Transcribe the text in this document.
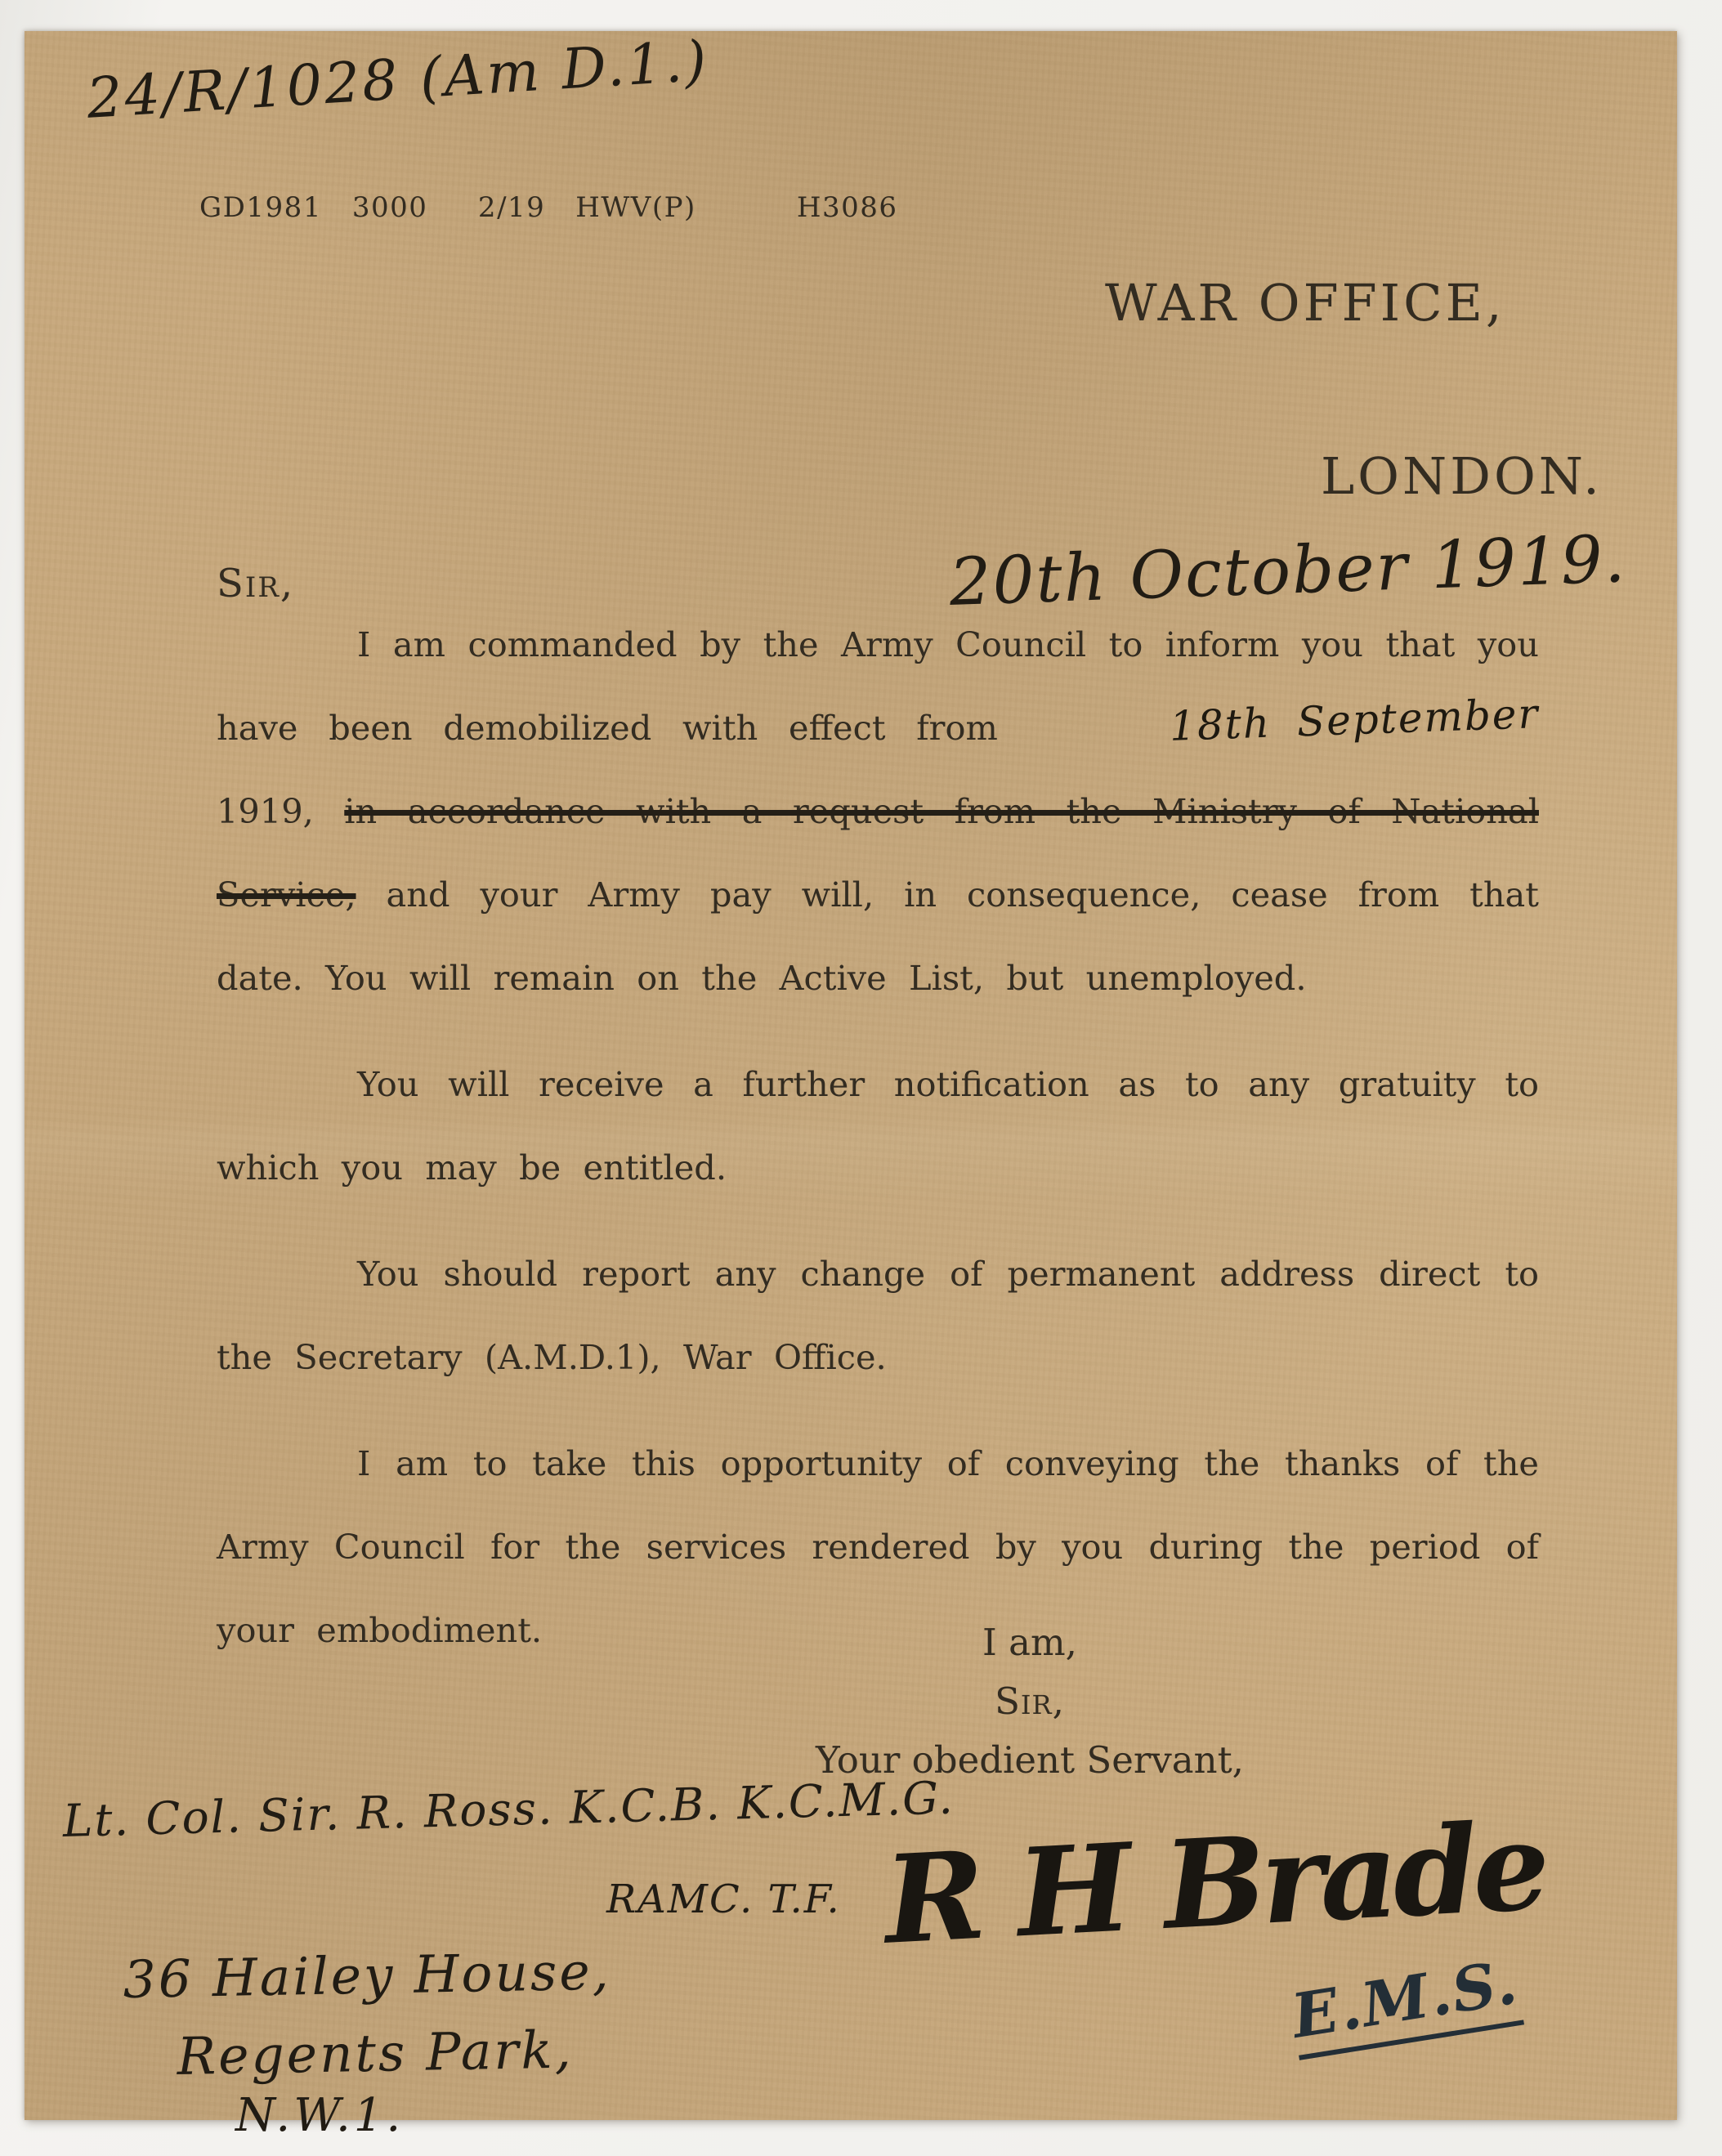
24/R/1028 (Am D.1.)
GD1981   3000     2/19   HWV(P)          H3086
WAR OFFICE,
LONDON.
20th October 1919.
Sir,

I am commanded by the Army Council to inform you that you have been demobilized with effect from	18th September 1919, in accordance with a request from the Ministry of National Service, and your Army pay will, in consequence, cease from that date. You will remain on the Active List, but unemployed.

You will receive a further notification as to any gratuity to which you may be entitled.

You should report any change of permanent address direct to the Secretary (A.M.D.1), War Office.

I am to take this opportunity of conveying the thanks of the Army Council for the services rendered by you during the period of your embodiment.	I am,
Sir,
Your obedient Servant,
Lt. Col. Sir. R. Ross. K.C.B. K.C.M.G.
RAMC. T.F.
36 Hailey House,
Regents Park,
N.W.1.
R H Brade
E.M.S.
